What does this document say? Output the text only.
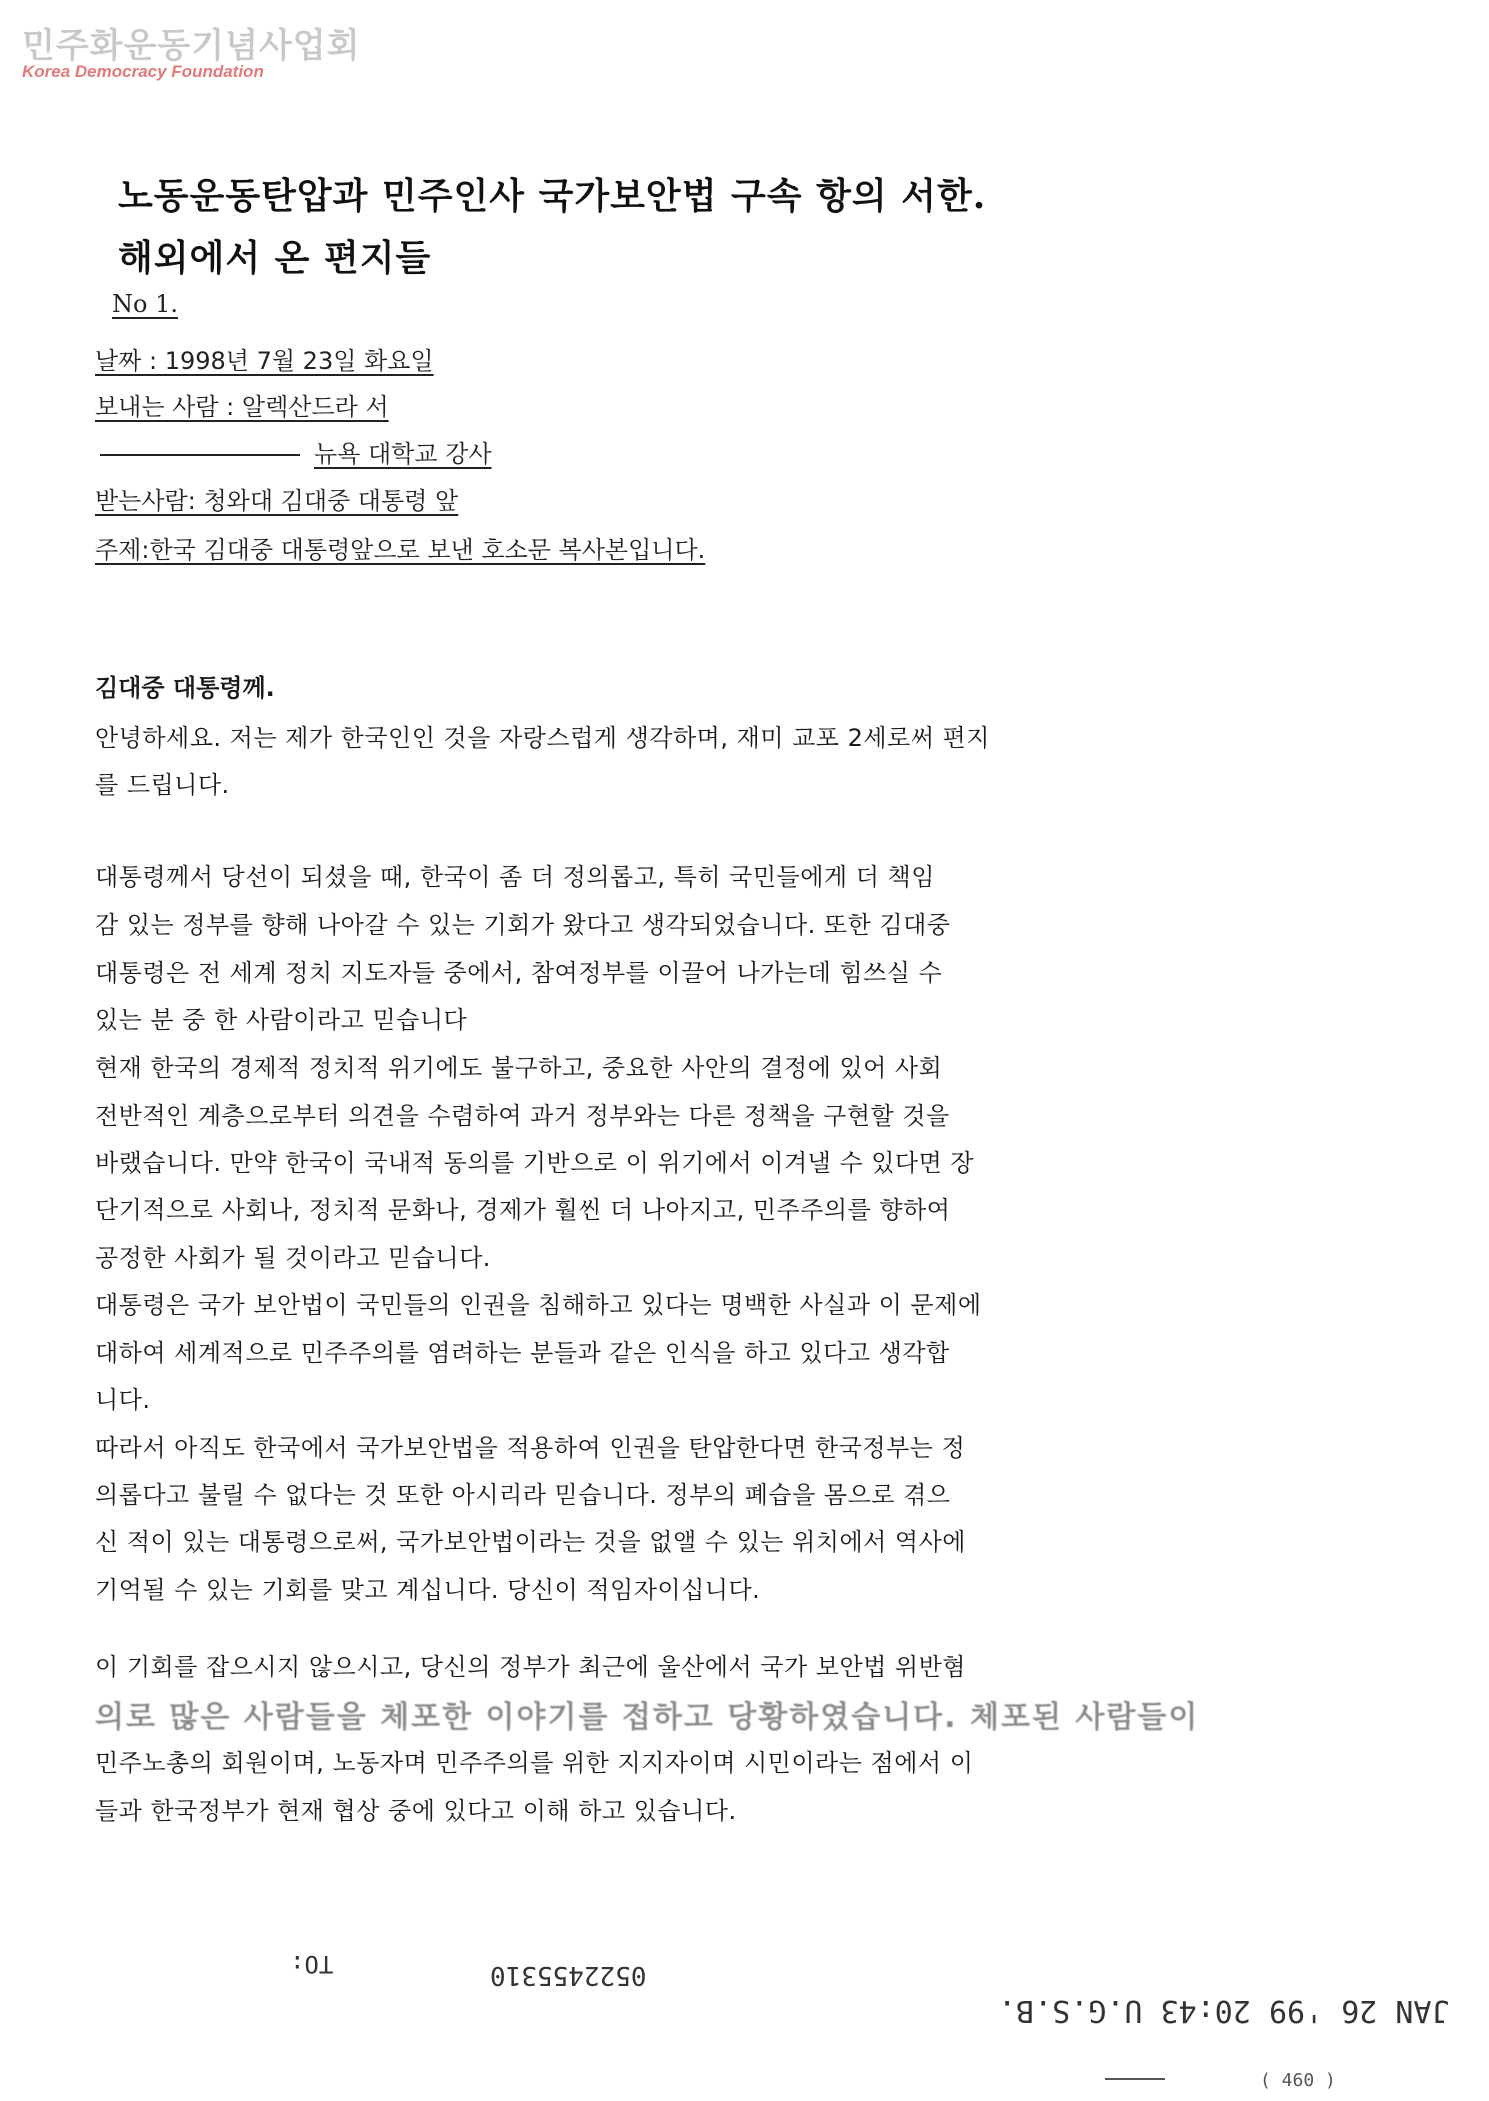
민주화운동기념사업회
Korea Democracy Foundation
노동운동탄압과 민주인사 국가보안법 구속 항의 서한.
해외에서 온 편지들
No 1.
날짜 : 1998년 7월 23일 화요일
보내는 사람 : 알렉산드라 서
뉴욕 대학교 강사
받는사람: 청와대 김대중 대통령 앞
주제:한국 김대중 대통령앞으로 보낸 호소문 복사본입니다.
김대중 대통령께.
안녕하세요. 저는 제가 한국인인 것을 자랑스럽게 생각하며, 재미 교포 2세로써 편지
를 드립니다.
대통령께서 당선이 되셨을 때, 한국이 좀 더 정의롭고, 특히 국민들에게 더 책임
감 있는 정부를 향해 나아갈 수 있는 기회가 왔다고 생각되었습니다. 또한 김대중
대통령은 전 세계 정치 지도자들 중에서, 참여정부를 이끌어 나가는데 힘쓰실 수
있는 분 중 한 사람이라고 믿습니다
현재 한국의 경제적 정치적 위기에도 불구하고, 중요한 사안의 결정에 있어 사회
전반적인 계층으로부터 의견을 수렴하여 과거 정부와는 다른 정책을 구현할 것을
바랬습니다. 만약 한국이 국내적 동의를 기반으로 이 위기에서 이겨낼 수 있다면 장
단기적으로 사회나, 정치적 문화나, 경제가 훨씬 더 나아지고, 민주주의를 향하여
공정한 사회가 될 것이라고 믿습니다.
대통령은 국가 보안법이 국민들의 인권을 침해하고 있다는 명백한 사실과 이 문제에
대하여 세계적으로 민주주의를 염려하는 분들과 같은 인식을 하고 있다고 생각합
니다.
따라서 아직도 한국에서 국가보안법을 적용하여 인권을 탄압한다면 한국정부는 정
의롭다고 불릴 수 없다는 것 또한 아시리라 믿습니다. 정부의 폐습을 몸으로 겪으
신 적이 있는 대통령으로써, 국가보안법이라는 것을 없앨 수 있는 위치에서 역사에
기억될 수 있는 기회를 맞고 계십니다. 당신이 적임자이십니다.
이 기회를 잡으시지 않으시고, 당신의 정부가 최근에 울산에서 국가 보안법 위반혐
의로 많은 사람들을 체포한 이야기를 접하고 당황하였습니다. 체포된 사람들이
민주노총의 회원이며, 노동자며 민주주의를 위한 지지자이며 시민이라는 점에서 이
들과 한국정부가 현재 협상 중에 있다고 이해 하고 있습니다.
TO:	0522455310
JAN 26 '99 20:43 U.G.S.B.
( 460 )
